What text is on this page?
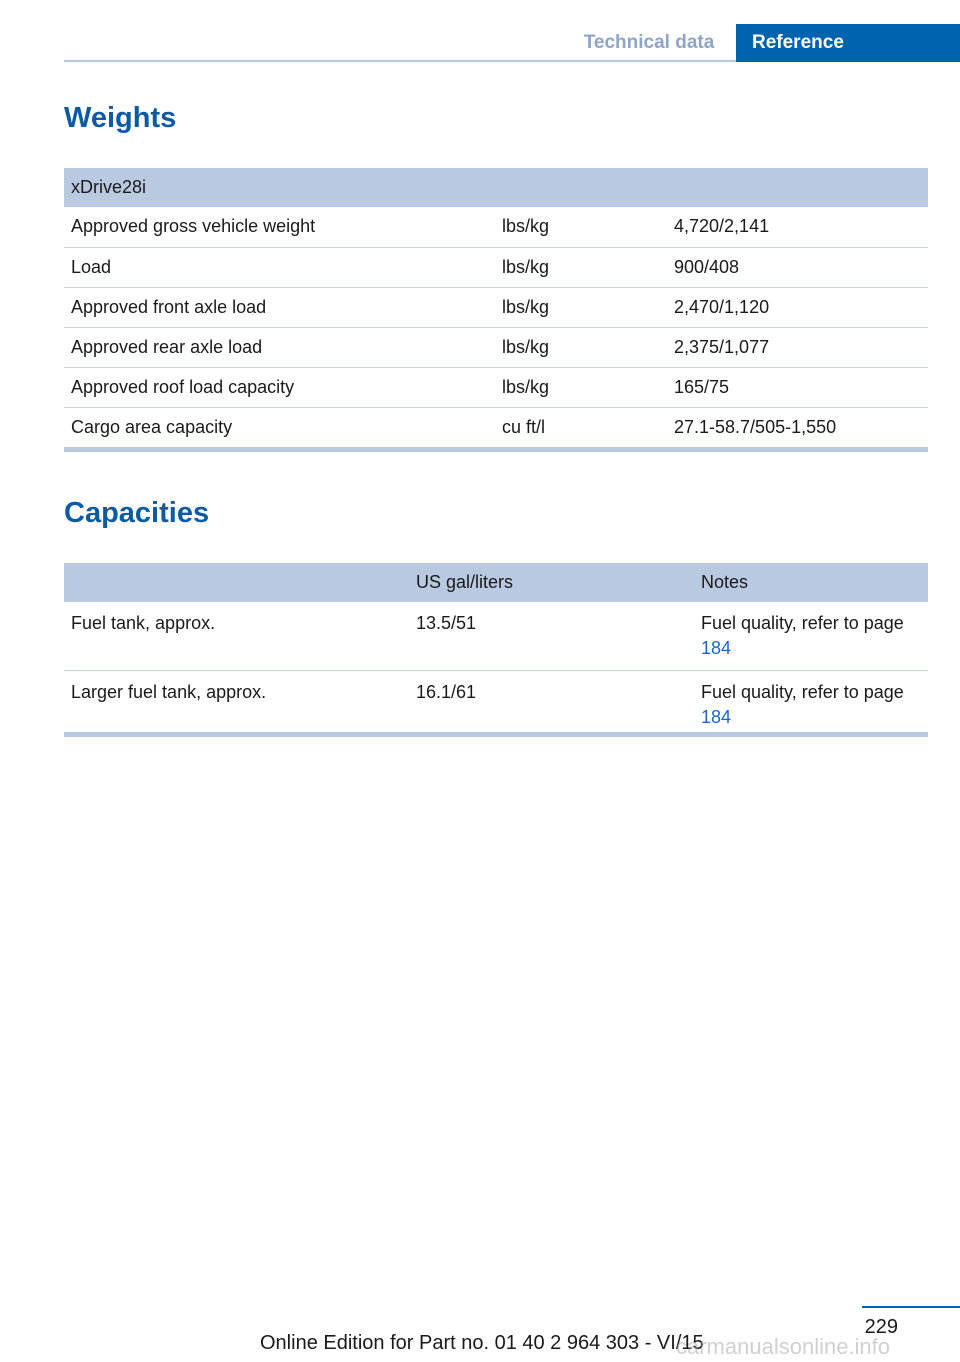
Technical data	Reference
Weights
xDrive28i		
Approved gross vehicle weight	lbs/kg	4,720/2,141
Load	lbs/kg	900/408
Approved front axle load	lbs/kg	2,470/1,120
Approved rear axle load	lbs/kg	2,375/1,077
Approved roof load capacity	lbs/kg	165/75
Cargo area capacity	cu ft/l	27.1-58.7/505-1,550
Capacities
	US gal/liters	Notes
Fuel tank, approx.	13.5/51	Fuel quality, refer to page 184
Larger fuel tank, approx.	16.1/61	Fuel quality, refer to page 184
229
Online Edition for Part no. 01 40 2 964 303 - VI/15
carmanualsonline.info
